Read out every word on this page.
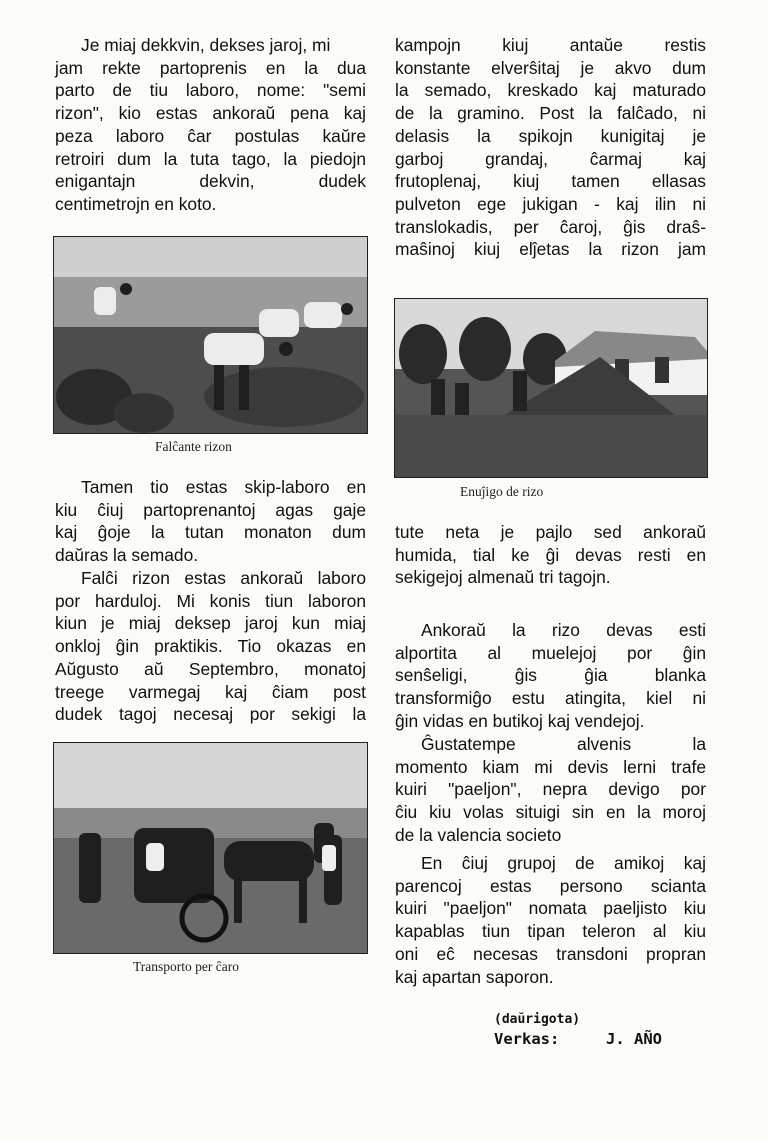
Je miaj dekkvin, dekses jaroj, mi
jam rekte partoprenis en la dua
parto de tiu laboro, nome: "semi
rizon", kio estas ankoraŭ pena kaj
peza laboro ĉar postulas kaŭre
retroiri dum la tuta tago, la piedojn
enigantajn dekvin, dudek
centimetrojn en koto.
Falĉante rizon
Tamen tio estas skip-laboro en
kiu ĉiuj partoprenantoj agas gaje
kaj ĝoje la tutan monaton dum
daŭras la semado.
Falĉi rizon estas ankoraŭ laboro
por harduloj. Mi konis tiun laboron
kiun je miaj deksep jaroj kun miaj
onkloj ĝin praktikis. Tio okazas en
Aŭgusto aŭ Septembro, monatoj
treege varmegaj kaj ĉiam post
dudek tagoj necesaj por sekigi la
Transporto per ĉaro
kampojn kiuj antaŭe restis
konstante elverŝitaj je akvo dum
la semado, kreskado kaj maturado
de la gramino. Post la falĉado, ni
delasis la spikojn kunigitaj je
garboj grandaj, ĉarmaj kaj
frutoplenaj, kiuj tamen ellasas
pulveton ege jukigan - kaj ilin ni
translokadis, per ĉaroj, ĝis draŝ-
maŝinoj kiuj elĵetas la rizon jam
Enuĵigo de rizo
tute neta je pajlo sed ankoraŭ
humida, tial ke ĝi devas resti en
sekigejoj almenaŭ tri tagojn.
Ankoraŭ la rizo devas esti
alportita al muelejoj por ĝin
senŝeligi, ĝis ĝia blanka
transformiĝo estu atingita, kiel ni
ĝin vidas en butikoj kaj vendejoj.
Ĝustatempe alvenis la
momento kiam mi devis lerni trafe
kuiri "paeljon", nepra devigo por
ĉiu kiu volas situigi sin en la moroj
de la valencia societo
En ĉiuj grupoj de amikoj kaj
parencoj estas persono scianta
kuiri "paeljon" nomata paeljisto kiu
kapablas tiun tipan teleron al kiu
oni eĉ necesas transdoni propran
kaj apartan saporon.
(daŭrigota)
Verkas:	J. AÑO
